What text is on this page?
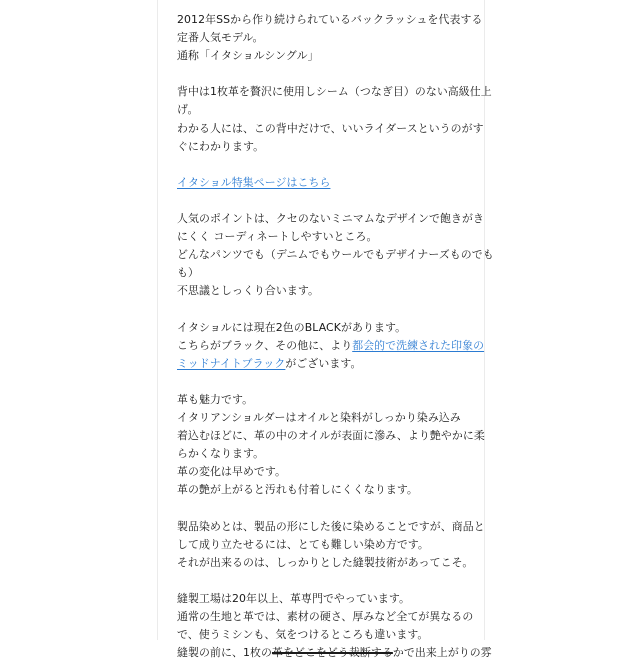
2012年SSから作り続けられているバックラッシュを代表する
定番人気モデル。
通称「イタショルシングル」
背中は1枚革を贅沢に使用しシーム（つなぎ目）のない高級仕上
げ。
わかる人には、この背中だけで、いいライダースというのがす
ぐにわかります。
イタショル特集ページはこちら
人気のポイントは、クセのないミニマムなデザインで飽きがき
にくく コーディネートしやすいところ。
どんなパンツでも（デニムでもウールでもデザイナーズものでも
も）
不思議としっくり合います。
イタショルには現在2色のBLACKがあります。
こちらがブラック、その他に、より都会的で洗練された印象の
ミッドナイトブラックがございます。
革も魅力です。
イタリアンショルダーはオイルと染料がしっかり染み込み
着込むほどに、革の中のオイルが表面に滲み、より艶やかに柔
らかくなります。
革の変化は早めです。
革の艶が上がると汚れも付着しにくくなります。
製品染めとは、製品の形にした後に染めることですが、商品と
して成り立たせるには、とても難しい染め方です。
それが出来るのは、しっかりとした縫製技術があってこそ。
縫製工場は20年以上、革専門でやっています。
通常の生地と革では、素材の硬さ、厚みなど全てが異なるの
で、使うミシンも、気をつけるところも違います。
縫製の前に、1枚の革をどこをどう裁断するかで出来上がりの雰
